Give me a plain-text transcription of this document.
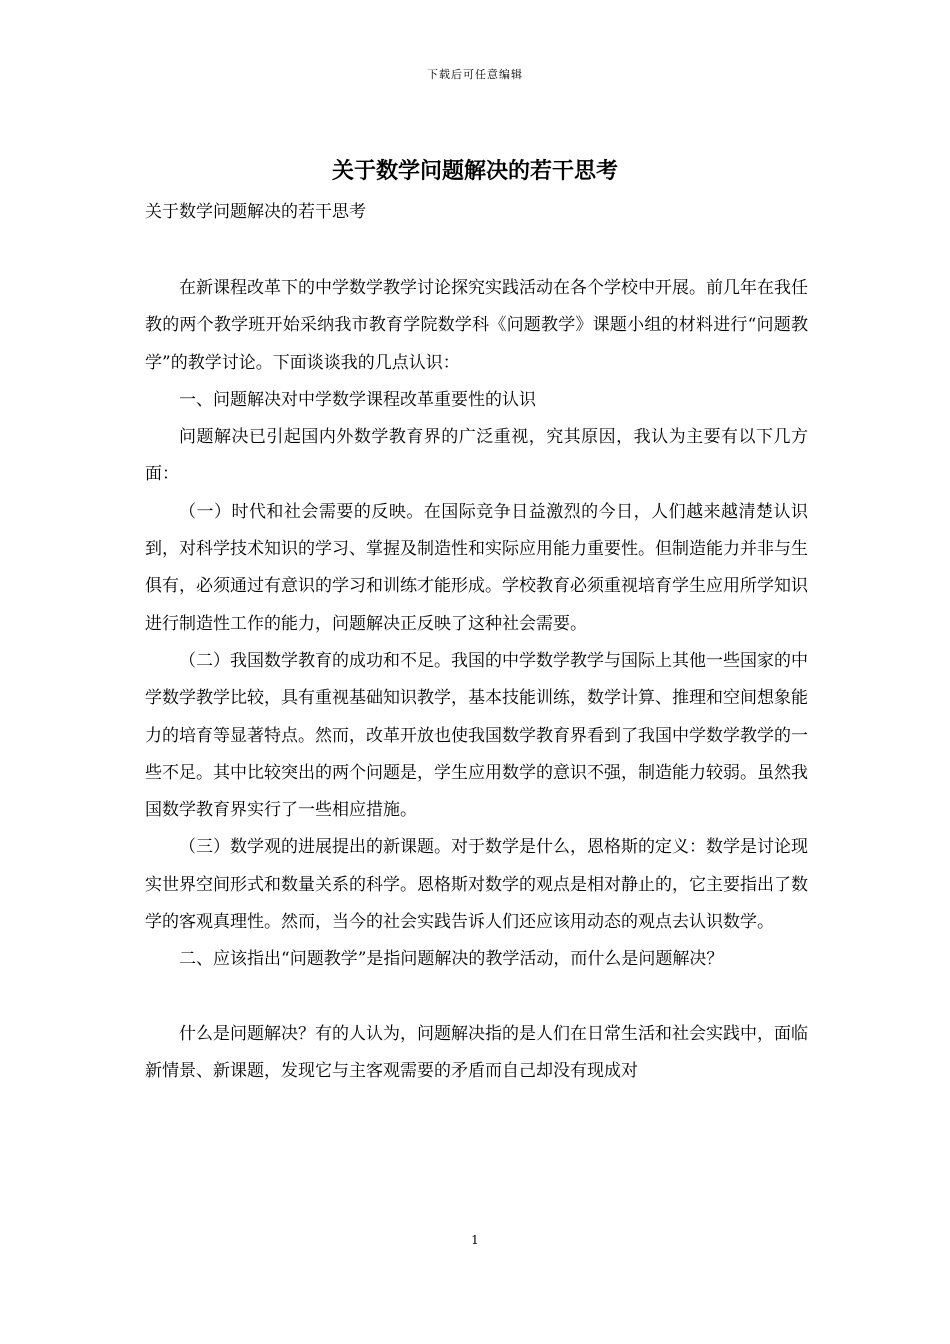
下载后可任意编辑
关于数学问题解决的若干思考
关于数学问题解决的若干思考

在新课程改革下的中学数学教学讨论探究实践活动在各个学校中开展。前几年在我任教的两个教学班开始采纳我市教育学院数学科《问题教学》课题小组的材料进行“问题教学”的教学讨论。下面谈谈我的几点认识：

一、问题解决对中学数学课程改革重要性的认识

问题解决已引起国内外数学教育界的广泛重视，究其原因，我认为主要有以下几方面：

（一）时代和社会需要的反映。在国际竞争日益激烈的今日，人们越来越清楚认识到，对科学技术知识的学习、掌握及制造性和实际应用能力重要性。但制造能力并非与生俱有，必须通过有意识的学习和训练才能形成。学校教育必须重视培育学生应用所学知识进行制造性工作的能力，问题解决正反映了这种社会需要。

（二）我国数学教育的成功和不足。我国的中学数学教学与国际上其他一些国家的中学数学教学比较，具有重视基础知识教学，基本技能训练，数学计算、推理和空间想象能力的培育等显著特点。然而，改革开放也使我国数学教育界看到了我国中学数学教学的一些不足。其中比较突出的两个问题是，学生应用数学的意识不强，制造能力较弱。虽然我国数学教育界实行了一些相应措施。

（三）数学观的进展提出的新课题。对于数学是什么，恩格斯的定义：数学是讨论现实世界空间形式和数量关系的科学。恩格斯对数学的观点是相对静止的，它主要指出了数学的客观真理性。然而，当今的社会实践告诉人们还应该用动态的观点去认识数学。

二、应该指出“问题教学”是指问题解决的教学活动，而什么是问题解决？

什么是问题解决？有的人认为，问题解决指的是人们在日常生活和社会实践中，面临新情景、新课题，发现它与主客观需要的矛盾而自己却没有现成对

1
